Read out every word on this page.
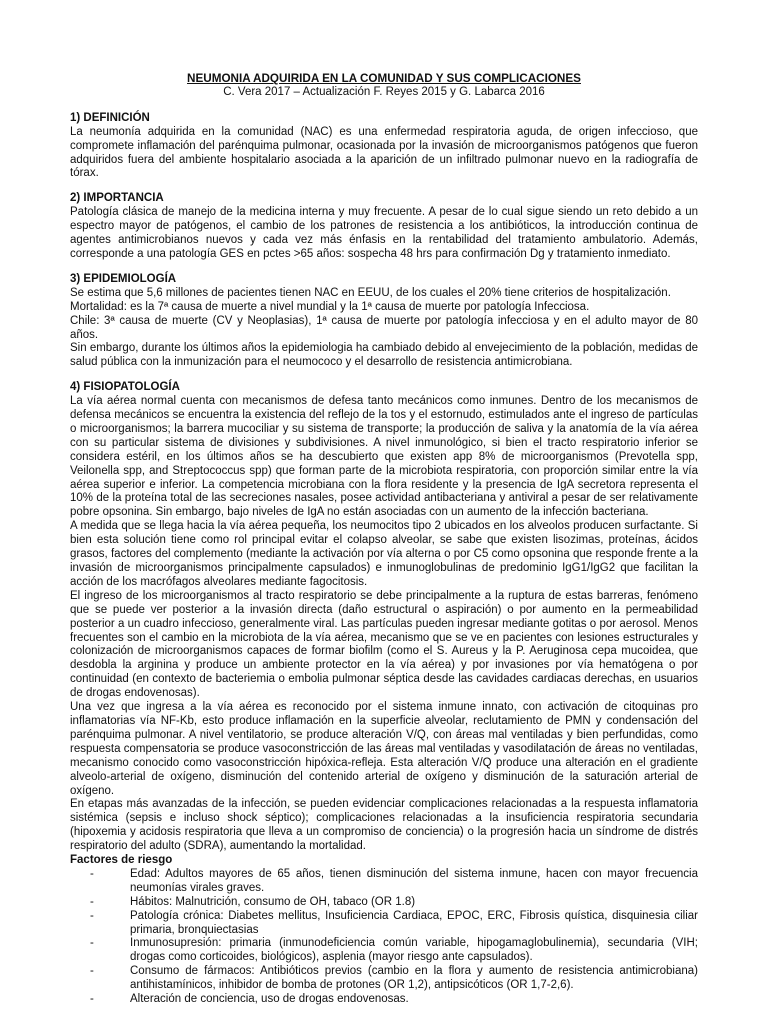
NEUMONIA ADQUIRIDA EN LA COMUNIDAD Y SUS COMPLICACIONES

C. Vera 2017 – Actualización F. Reyes 2015 y G. Labarca 2016

1) DEFINICIÓN

La neumonía adquirida en la comunidad (NAC) es una enfermedad respiratoria aguda, de origen infeccioso, que compromete inflamación del parénquima pulmonar, ocasionada por la invasión de microorganismos patógenos que fueron adquiridos fuera del ambiente hospitalario asociada a la aparición de un infiltrado pulmonar nuevo en la radiografía de tórax.

2) IMPORTANCIA

Patología clásica de manejo de la medicina interna y muy frecuente. A pesar de lo cual sigue siendo un reto debido a un espectro mayor de patógenos, el cambio de los patrones de resistencia a los antibióticos, la introducción continua de agentes antimicrobianos nuevos y cada vez más énfasis en la rentabilidad del tratamiento ambulatorio. Además, corresponde a una patología GES en pctes >65 años: sospecha 48 hrs para confirmación Dg y tratamiento inmediato.

3) EPIDEMIOLOGÍA

Se estima que 5,6 millones de pacientes tienen NAC en EEUU, de los cuales el 20% tiene criterios de hospitalización.

Mortalidad: es la 7ª causa de muerte a nivel mundial y la 1ª causa de muerte por patología Infecciosa.

Chile: 3ª causa de muerte (CV y Neoplasias), 1ª causa de muerte por patología infecciosa y en el adulto mayor de 80 años.

Sin embargo, durante los últimos años la epidemiologia ha cambiado debido al envejecimiento de la población, medidas de salud pública con la inmunización para el neumococo y el desarrollo de resistencia antimicrobiana.

4) FISIOPATOLOGÍA

La vía aérea normal cuenta con mecanismos de defesa tanto mecánicos como inmunes. Dentro de los mecanismos de defensa mecánicos se encuentra la existencia del reflejo de la tos y el estornudo, estimulados ante el ingreso de partículas o microorganismos; la barrera mucociliar y su sistema de transporte; la producción de saliva y la anatomía de la vía aérea con su particular sistema de divisiones y subdivisiones. A nivel inmunológico, si bien el tracto respiratorio inferior se considera estéril, en los últimos años se ha descubierto que existen app 8% de microorganismos (Prevotella spp, Veilonella spp, and Streptococcus spp) que forman parte de la microbiota respiratoria, con proporción similar entre la vía aérea superior e inferior. La competencia microbiana con la flora residente y la presencia de IgA secretora representa el 10% de la proteína total de las secreciones nasales, posee actividad antibacteriana y antiviral a pesar de ser relativamente pobre opsonina. Sin embargo, bajo niveles de IgA no están asociadas con un aumento de la infección bacteriana.

A medida que se llega hacia la vía aérea pequeña, los neumocitos tipo 2 ubicados en los alveolos producen surfactante. Si bien esta solución tiene como rol principal evitar el colapso alveolar, se sabe que existen lisozimas, proteínas, ácidos grasos, factores del complemento (mediante la activación por vía alterna o por C5 como opsonina que responde frente a la invasión de microorganismos principalmente capsulados) e inmunoglobulinas de predominio IgG1/IgG2 que facilitan la acción de los macrófagos alveolares mediante fagocitosis.

El ingreso de los microorganismos al tracto respiratorio se debe principalmente a la ruptura de estas barreras, fenómeno que se puede ver posterior a la invasión directa (daño estructural o aspiración) o por aumento en la permeabilidad posterior a un cuadro infeccioso, generalmente viral. Las partículas pueden ingresar mediante gotitas o por aerosol. Menos frecuentes son el cambio en la microbiota de la vía aérea, mecanismo que se ve en pacientes con lesiones estructurales y colonización de microorganismos capaces de formar biofilm (como el S. Aureus y la P. Aeruginosa cepa mucoidea, que desdobla la arginina y produce un ambiente protector en la vía aérea) y por invasiones por vía hematógena o por continuidad (en contexto de bacteriemia o embolia pulmonar séptica desde las cavidades cardiacas derechas, en usuarios de drogas endovenosas).

Una vez que ingresa a la vía aérea es reconocido por el sistema inmune innato, con activación de citoquinas pro inflamatorias vía NF-Kb, esto produce inflamación en la superficie alveolar, reclutamiento de PMN y condensación del parénquima pulmonar. A nivel ventilatorio, se produce alteración V/Q, con áreas mal ventiladas y bien perfundidas, como respuesta compensatoria se produce vasoconstricción de las áreas mal ventiladas y vasodilatación de áreas no ventiladas, mecanismo conocido como vasoconstricción hipóxica-refleja. Esta alteración V/Q produce una alteración en el gradiente alveolo-arterial de oxígeno, disminución del contenido arterial de oxígeno y disminución de la saturación arterial de oxígeno.

En etapas más avanzadas de la infección, se pueden evidenciar complicaciones relacionadas a la respuesta inflamatoria sistémica (sepsis e incluso shock séptico); complicaciones relacionadas a la insuficiencia respiratoria secundaria (hipoxemia y acidosis respiratoria que lleva a un compromiso de conciencia) o la progresión hacia un síndrome de distrés respiratorio del adulto (SDRA), aumentando la mortalidad.

Factores de riesgo

-	Edad: Adultos mayores de 65 años, tienen disminución del sistema inmune, hacen con mayor frecuencia neumonías virales graves.
-	Hábitos: Malnutrición, consumo de OH, tabaco (OR 1.8)
-	Patología crónica: Diabetes mellitus, Insuficiencia Cardiaca, EPOC, ERC, Fibrosis quística, disquinesia ciliar primaria, bronquiectasias
-	Inmunosupresión: primaria (inmunodeficiencia común variable, hipogamaglobulinemia), secundaria (VIH; drogas como corticoides, biológicos), asplenia (mayor riesgo ante capsulados).
-	Consumo de fármacos: Antibióticos previos (cambio en la flora y aumento de resistencia antimicrobiana) antihistamínicos, inhibidor de bomba de protones (OR 1,2), antipsicóticos (OR 1,7-2,6).
-	Alteración de conciencia, uso de drogas endovenosas.
